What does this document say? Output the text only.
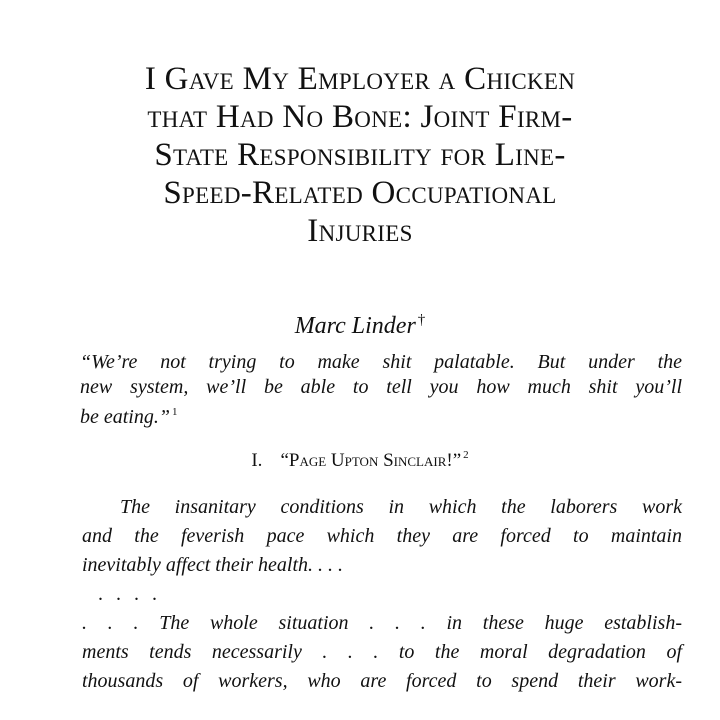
I Gave My Employer a Chicken
that Had No Bone: Joint Firm-
State Responsibility for Line-
Speed-Related Occupational
Injuries
Marc Linder †
“We’re not trying to make shit palatable. But under the
new system, we’ll be able to tell you how much shit you’ll
be eating.” $^1$
I. “Page Upton Sinclair!” $^2$
The insanitary conditions in which the laborers work
and the feverish pace which they are forced to maintain
inevitably affect their health. . . .
. . . .
. . . The whole situation . . . in these huge establish-
ments tends necessarily . . . to the moral degradation of
thousands of workers, who are forced to spend their work-
